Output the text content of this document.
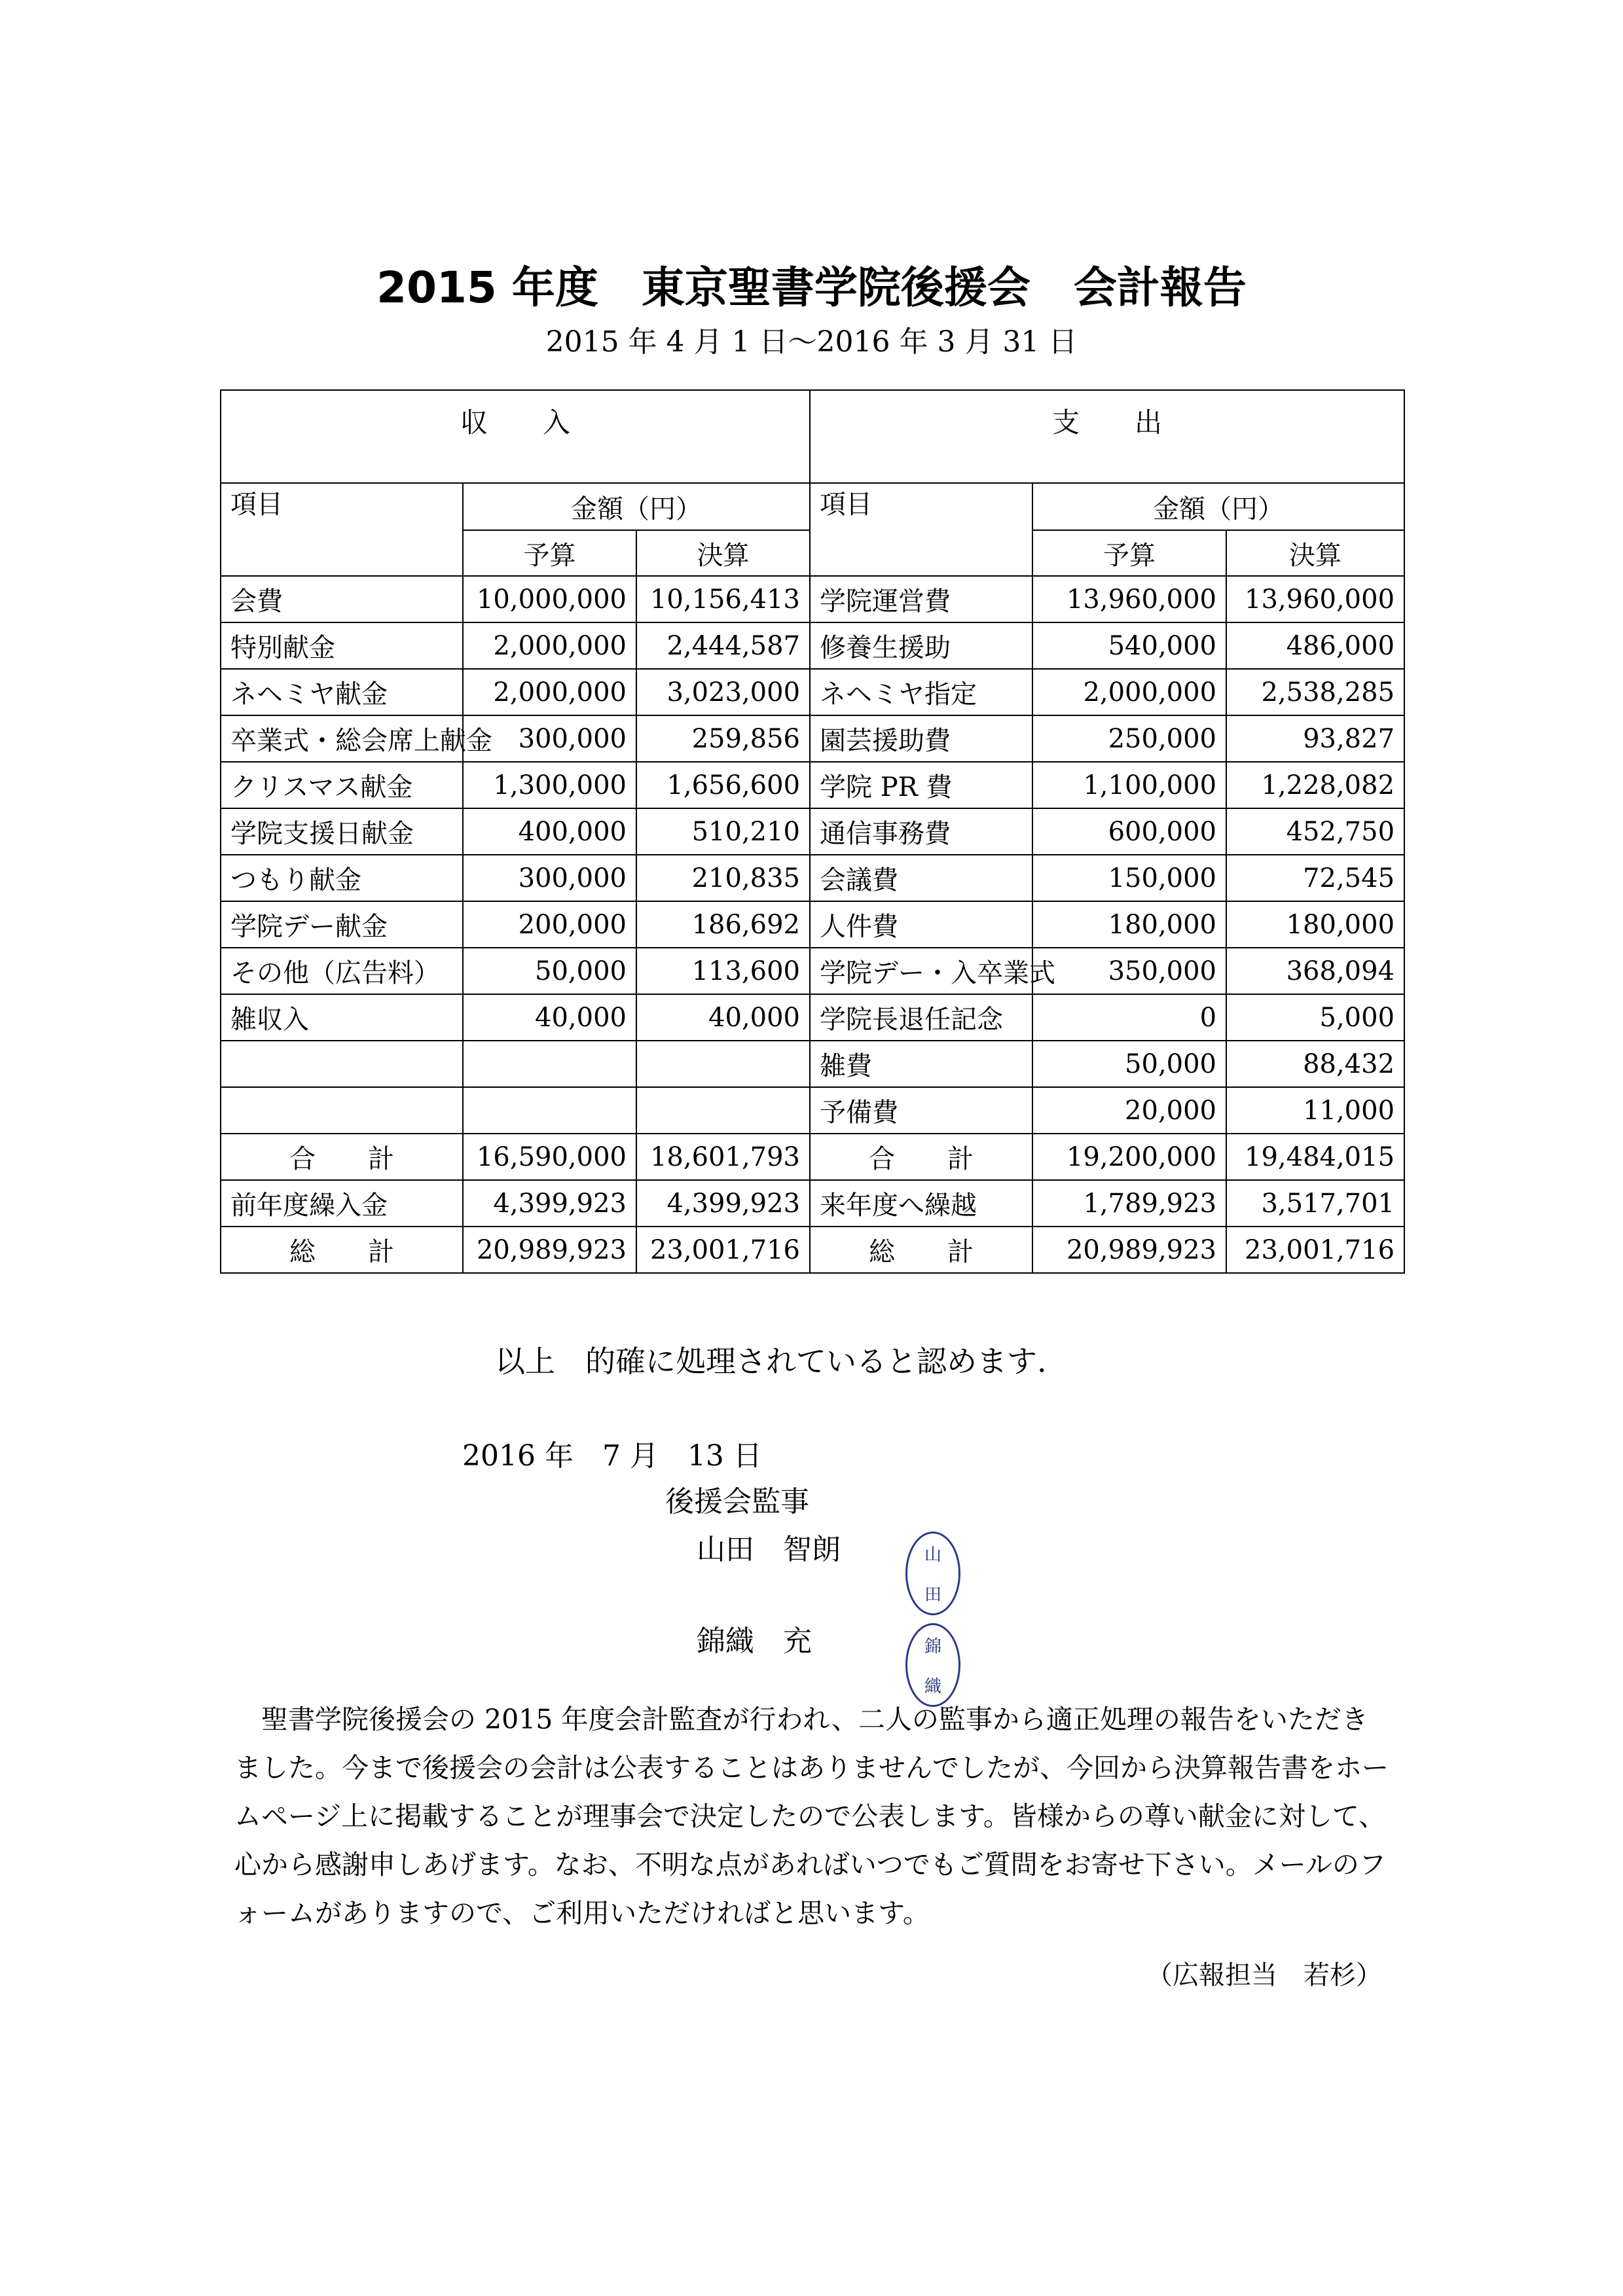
2015 年度　東京聖書学院後援会　会計報告
2015 年 4 月 1 日～2016 年 3 月 31 日
収　　入			支　　出		
項目	金額（円）		項目	金額（円）	
	予算	決算		予算	決算
会費	10,000,000	10,156,413	学院運営費	13,960,000	13,960,000
特別献金	2,000,000	2,444,587	修養生援助	540,000	486,000
ネヘミヤ献金	2,000,000	3,023,000	ネヘミヤ指定	2,000,000	2,538,285
卒業式・総会席上献金	300,000	259,856	園芸援助費	250,000	93,827
クリスマス献金	1,300,000	1,656,600	学院 PR 費	1,100,000	1,228,082
学院支援日献金	400,000	510,210	通信事務費	600,000	452,750
つもり献金	300,000	210,835	会議費	150,000	72,545
学院デー献金	200,000	186,692	人件費	180,000	180,000
その他（広告料）	50,000	113,600	学院デー・入卒業式	350,000	368,094
雑収入	40,000	40,000	学院長退任記念	0	5,000
			雑費	50,000	88,432
			予備費	20,000	11,000
合　　計	16,590,000	18,601,793	合　　計	19,200,000	19,484,015
前年度繰入金	4,399,923	4,399,923	来年度へ繰越	1,789,923	3,517,701
総　　計	20,989,923	23,001,716	総　　計	20,989,923	23,001,716
以上　的確に処理されていると認めます.
2016 年　7 月　13 日
後援会監事
山田　智朗	山
田
錦織　充	錦
織

聖書学院後援会の 2015 年度会計監査が行われ、二人の監事から適正処理の報告をいただきました。今まで後援会の会計は公表することはありませんでしたが、今回から決算報告書をホームページ上に掲載することが理事会で決定したので公表します。皆様からの尊い献金に対して、心から感謝申しあげます。なお、不明な点があればいつでもご質問をお寄せ下さい。メールのフォームがありますので、ご利用いただければと思います。

（広報担当　若杉）
